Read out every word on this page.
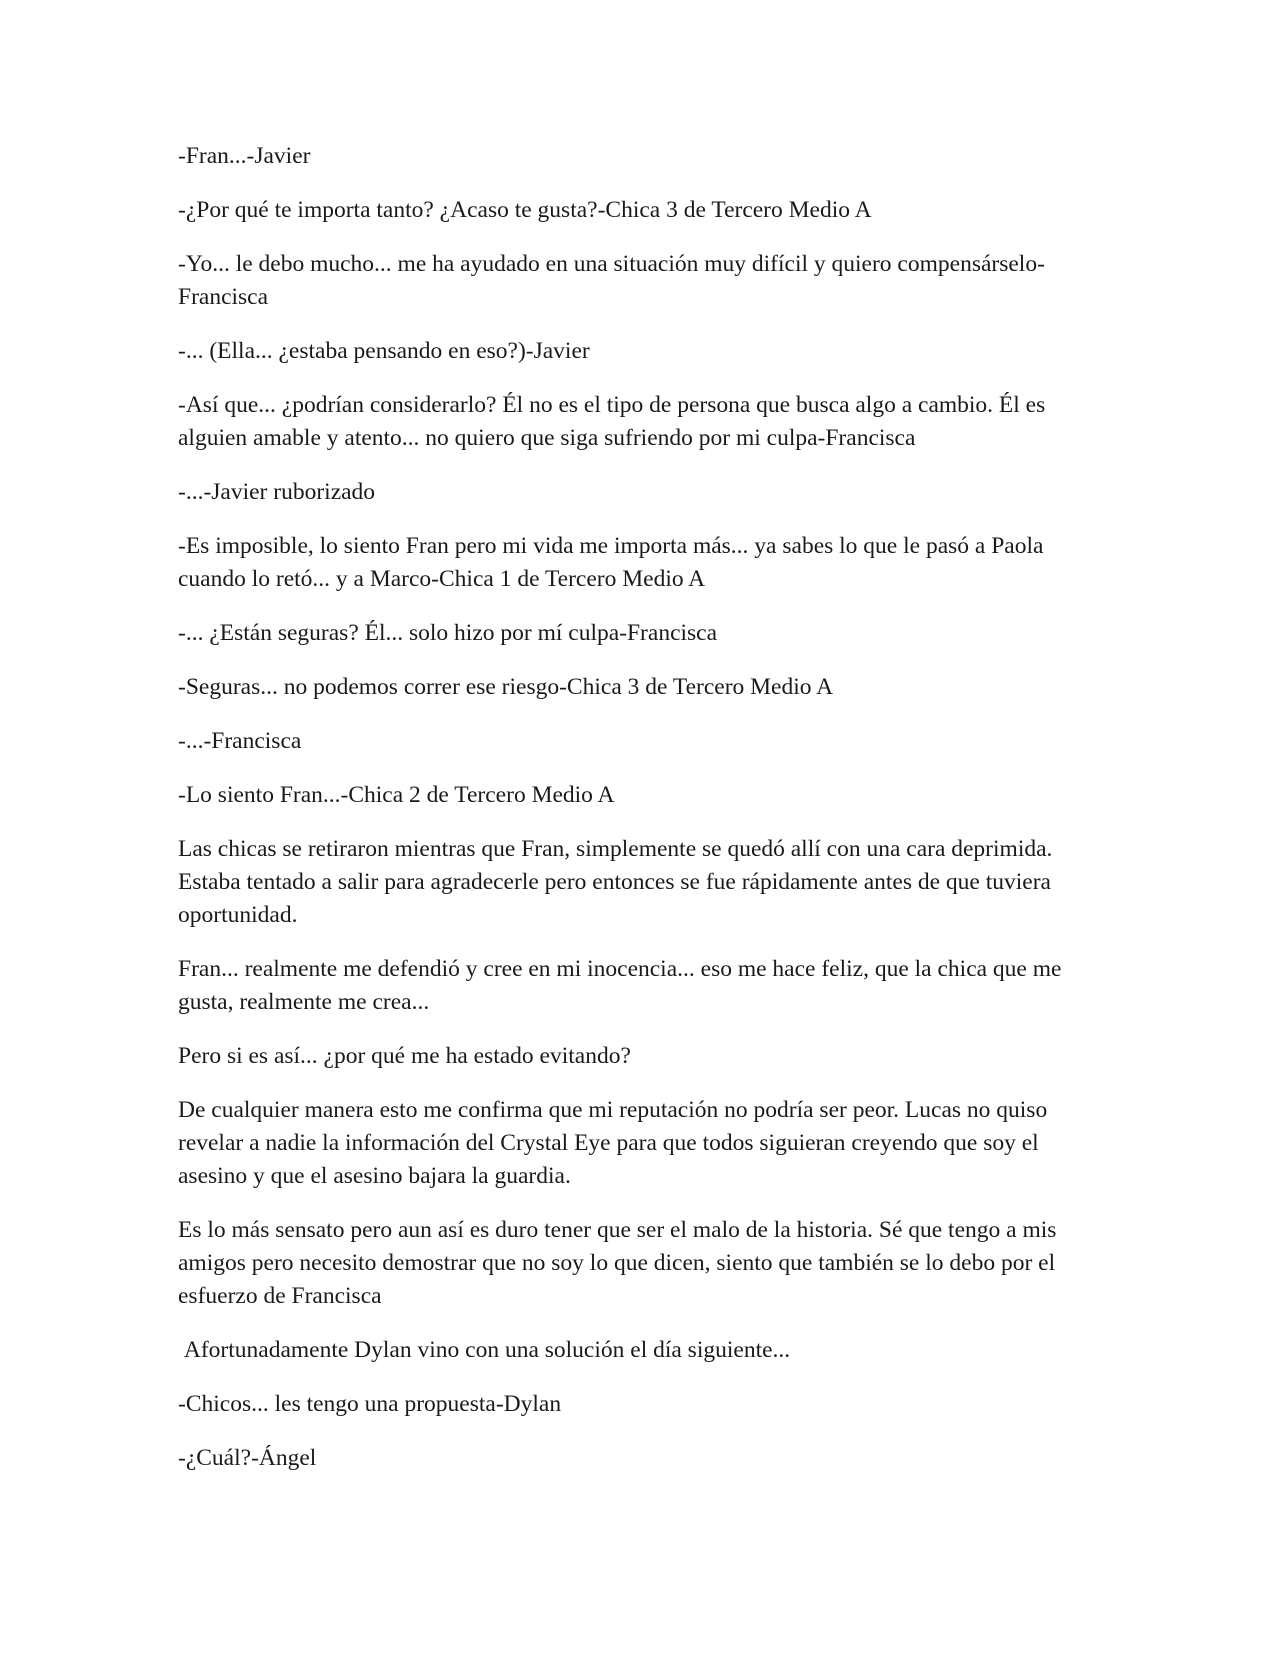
-Fran...-Javier

-¿Por qué te importa tanto? ¿Acaso te gusta?-Chica 3 de Tercero Medio A

-Yo... le debo mucho... me ha ayudado en una situación muy difícil y quiero compensárselo-Francisca

-... (Ella... ¿estaba pensando en eso?)-Javier

-Así que... ¿podrían considerarlo? Él no es el tipo de persona que busca algo a cambio. Él es alguien amable y atento... no quiero que siga sufriendo por mi culpa-Francisca

-...-Javier ruborizado

-Es imposible, lo siento Fran pero mi vida me importa más... ya sabes lo que le pasó a Paola cuando lo retó... y a Marco-Chica 1 de Tercero Medio A

-... ¿Están seguras? Él... solo hizo por mí culpa-Francisca

-Seguras... no podemos correr ese riesgo-Chica 3 de Tercero Medio A

-...-Francisca

-Lo siento Fran...-Chica 2 de Tercero Medio A

Las chicas se retiraron mientras que Fran, simplemente se quedó allí con una cara deprimida. Estaba tentado a salir para agradecerle pero entonces se fue rápidamente antes de que tuviera oportunidad.

Fran... realmente me defendió y cree en mi inocencia... eso me hace feliz, que la chica que me gusta, realmente me crea...

Pero si es así... ¿por qué me ha estado evitando?

De cualquier manera esto me confirma que mi reputación no podría ser peor. Lucas no quiso revelar a nadie la información del Crystal Eye para que todos siguieran creyendo que soy el asesino y que el asesino bajara la guardia.

Es lo más sensato pero aun así es duro tener que ser el malo de la historia. Sé que tengo a mis amigos pero necesito demostrar que no soy lo que dicen, siento que también se lo debo por el esfuerzo de Francisca

Afortunadamente Dylan vino con una solución el día siguiente...

-Chicos... les tengo una propuesta-Dylan

-¿Cuál?-Ángel
